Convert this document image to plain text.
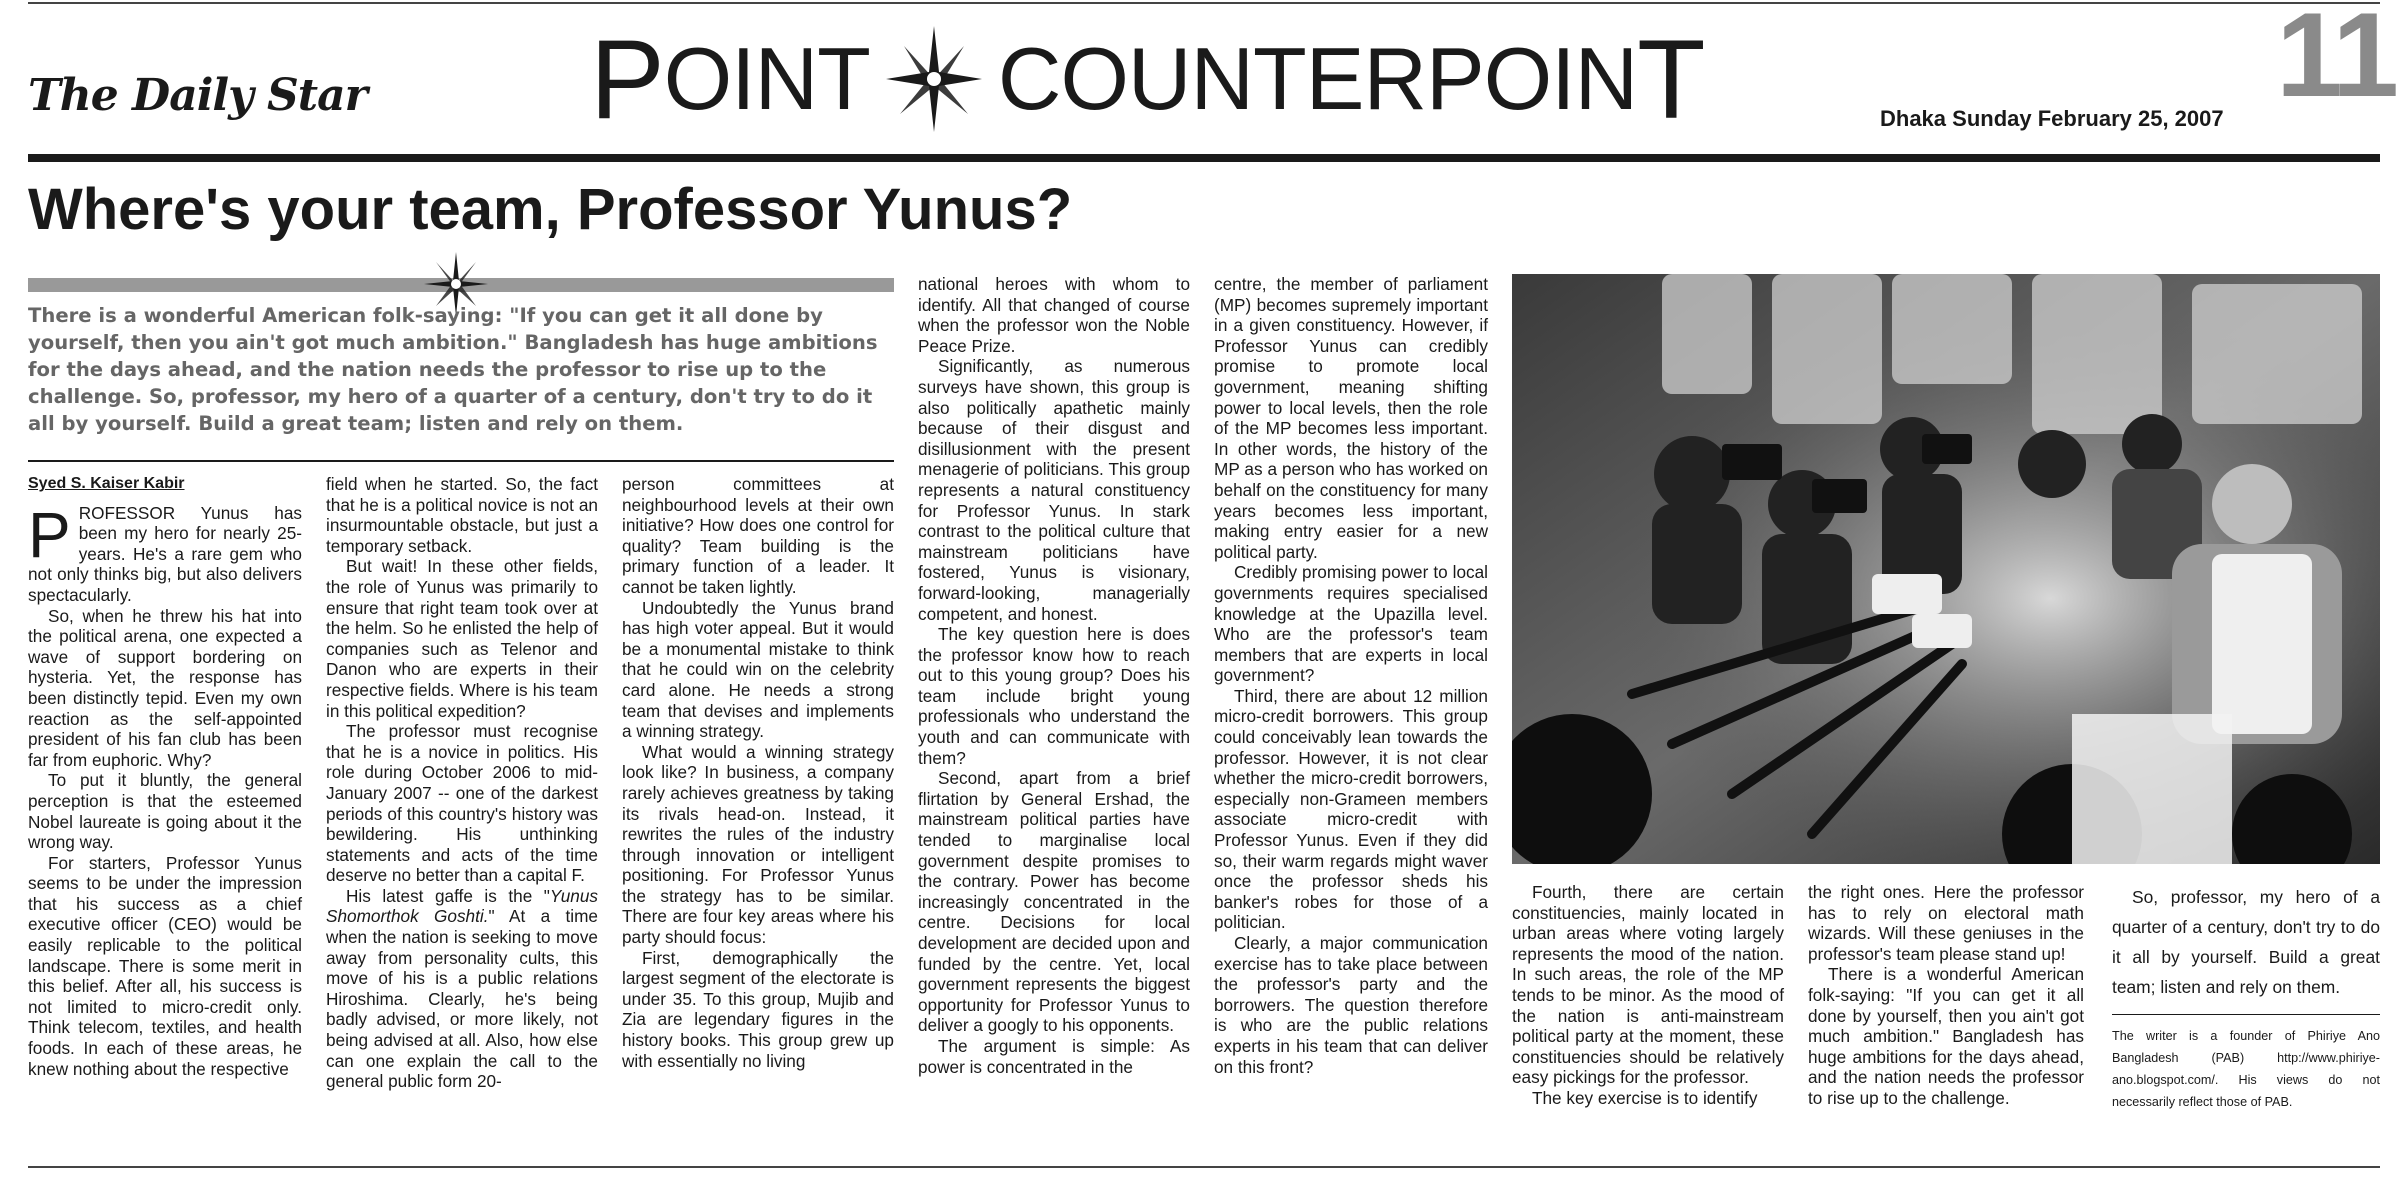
The Daily Star P OINT COUNTERPOIN T	Dhaka Sunday February 25, 2007 11
Where's your team, Professor Yunus?
There is a wonderful American folk-saying: "If you can get it all done by yourself, then you ain't got much ambition." Bangladesh has huge ambitions for the days ahead, and the nation needs the professor to rise up to the challenge. So, professor, my hero of a quarter of a century, don't try to do it all by yourself. Build a great team; listen and rely on them.

Syed S. Kaiser Kabir

PROFESSOR Yunus has been my hero for nearly 25-years. He's a rare gem who not only thinks big, but also delivers spectacularly.

So, when he threw his hat into the political arena, one expected a wave of support bordering on hysteria. Yet, the response has been distinctly tepid. Even my own reaction as the self-appointed president of his fan club has been far from euphoric. Why?

To put it bluntly, the general perception is that the esteemed Nobel laureate is going about it the wrong way.

For starters, Professor Yunus seems to be under the impression that his success as a chief executive officer (CEO) would be easily replicable to the political landscape. There is some merit in this belief. After all, his success is not limited to micro-credit only. Think telecom, textiles, and health foods. In each of these areas, he knew nothing about the respective

field when he started. So, the fact that he is a political novice is not an insurmountable obstacle, but just a temporary setback.

But wait! In these other fields, the role of Yunus was primarily to ensure that right team took over at the helm. So he enlisted the help of companies such as Telenor and Danon who are experts in their respective fields. Where is his team in this political expedition?

The professor must recognise that he is a novice in politics. His role during October 2006 to mid-January 2007 -- one of the darkest periods of this country's history was bewildering. His unthinking statements and acts of the time deserve no better than a capital F.

His latest gaffe is the "Yunus Shomorthok Goshti." At a time when the nation is seeking to move away from personality cults, this move of his is a public relations Hiroshima. Clearly, he's being badly advised, or more likely, not being advised at all. Also, how else can one explain the call to the general public form 20-

person committees at neighbourhood levels at their own initiative? How does one control for quality? Team building is the primary function of a leader. It cannot be taken lightly.

Undoubtedly the Yunus brand has high voter appeal. But it would be a monumental mistake to think that he could win on the celebrity card alone. He needs a strong team that devises and implements a winning strategy.

What would a winning strategy look like? In business, a company rarely achieves greatness by taking its rivals head-on. Instead, it rewrites the rules of the industry through innovation or intelligent positioning. For Professor Yunus the strategy has to be similar. There are four key areas where his party should focus:

First, demographically the largest segment of the electorate is under 35. To this group, Mujib and Zia are legendary figures in the history books. This group grew up with essentially no living

national heroes with whom to identify. All that changed of course when the professor won the Noble Peace Prize.

Significantly, as numerous surveys have shown, this group is also politically apathetic mainly because of their disgust and disillusionment with the present menagerie of politicians. This group represents a natural constituency for Professor Yunus. In stark contrast to the political culture that mainstream politicians have fostered, Yunus is visionary, forward-looking, managerially competent, and honest.

The key question here is does the professor know how to reach out to this young group? Does his team include bright young professionals who understand the youth and can communicate with them?

Second, apart from a brief flirtation by General Ershad, the mainstream political parties have tended to marginalise local government despite promises to the contrary. Power has become increasingly concentrated in the centre. Decisions for local development are decided upon and funded by the centre. Yet, local government represents the biggest opportunity for Professor Yunus to deliver a googly to his opponents.

The argument is simple: As power is concentrated in the

centre, the member of parliament (MP) becomes supremely important in a given constituency. However, if Professor Yunus can credibly promise to promote local government, meaning shifting power to local levels, then the role of the MP becomes less important. In other words, the history of the MP as a person who has worked on behalf on the constituency for many years becomes less important, making entry easier for a new political party.

Credibly promising power to local governments requires specialised knowledge at the Upazilla level. Who are the professor's team members that are experts in local government?

Third, there are about 12 million micro-credit borrowers. This group could conceivably lean towards the professor. However, it is not clear whether the micro-credit borrowers, especially non-Grameen members associate micro-credit with Professor Yunus. Even if they did so, their warm regards might waver once the professor sheds his banker's robes for those of a politician.

Clearly, a major communication exercise has to take place between the professor's party and the borrowers. The question therefore is who are the public relations experts in his team that can deliver on this front?

Fourth, there are certain constituencies, mainly located in urban areas where voting largely represents the mood of the nation. In such areas, the role of the MP tends to be minor. As the mood of the nation is anti-mainstream political party at the moment, these constituencies should be relatively easy pickings for the professor.

The key exercise is to identify

the right ones. Here the professor has to rely on electoral math wizards. Will these geniuses in the professor's team please stand up!

There is a wonderful American folk-saying: "If you can get it all done by yourself, then you ain't got much ambition." Bangladesh has huge ambitions for the days ahead, and the nation needs the professor to rise up to the challenge.

So, professor, my hero of a quarter of a century, don't try to do it all by yourself. Build a great team; listen and rely on them.

The writer is a founder of Phiriye Ano Bangladesh (PAB) http://www.phiriye-ano.blogspot.com/. His views do not necessarily reflect those of PAB.
